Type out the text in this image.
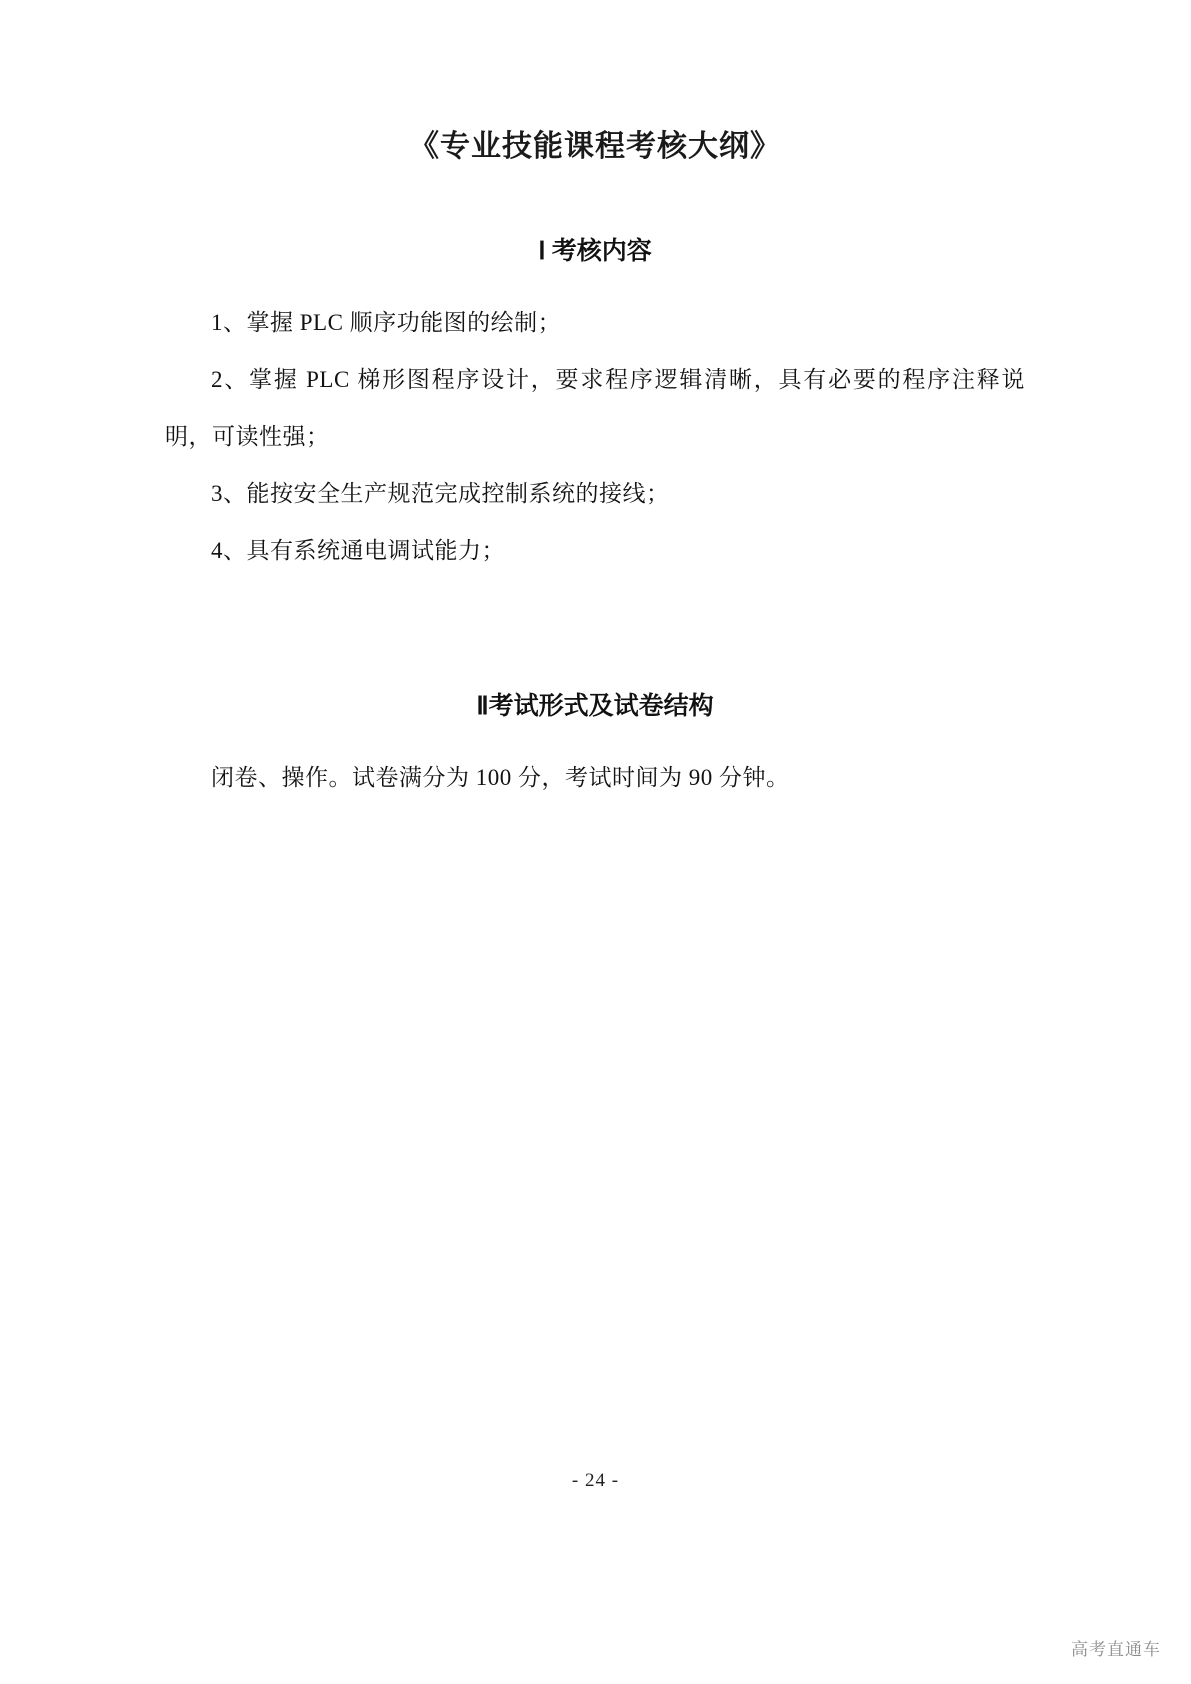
《专业技能课程考核大纲》
Ⅰ 考核内容

1、掌握 PLC 顺序功能图的绘制；

2、掌握 PLC 梯形图程序设计，要求程序逻辑清晰，具有必要的程序注释说明，可读性强；

3、能按安全生产规范完成控制系统的接线；

4、具有系统通电调试能力；

Ⅱ考试形式及试卷结构

闭卷、操作。试卷满分为 100 分，考试时间为 90 分钟。

- 24 -
高考直通车
